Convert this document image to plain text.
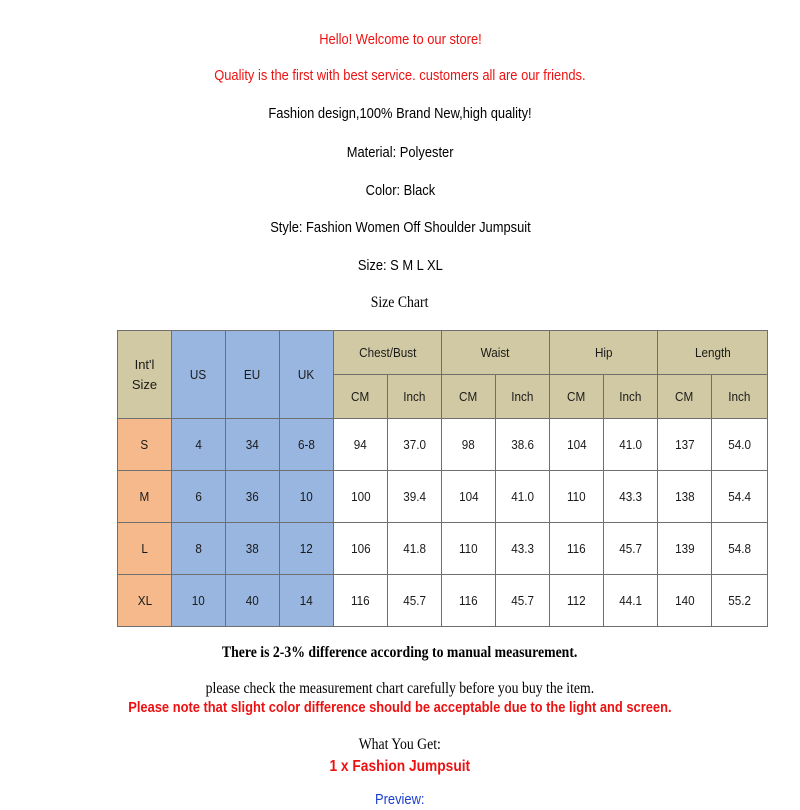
Hello! Welcome to our store!
Quality is the first with best service. customers all are our friends.
Fashion design,100% Brand New,high quality!
Material: Polyester
Color: Black
Style: Fashion Women Off Shoulder Jumpsuit
Size: S M L XL
Size Chart
Int'l
Size	US	EU	UK	Chest/Bust		Waist		Hip		Length	
				CM	Inch	CM	Inch	CM	Inch	CM	Inch
S	4	34	6-8	94	37.0	98	38.6	104	41.0	137	54.0
M	6	36	10	100	39.4	104	41.0	110	43.3	138	54.4
L	8	38	12	106	41.8	110	43.3	116	45.7	139	54.8
XL	10	40	14	116	45.7	116	45.7	112	44.1	140	55.2
There is 2-3% difference according to manual measurement.
please check the measurement chart carefully before you buy the item.
Please note that slight color difference should be acceptable due to the light and screen.
What You Get:
1 x Fashion Jumpsuit
Preview:
